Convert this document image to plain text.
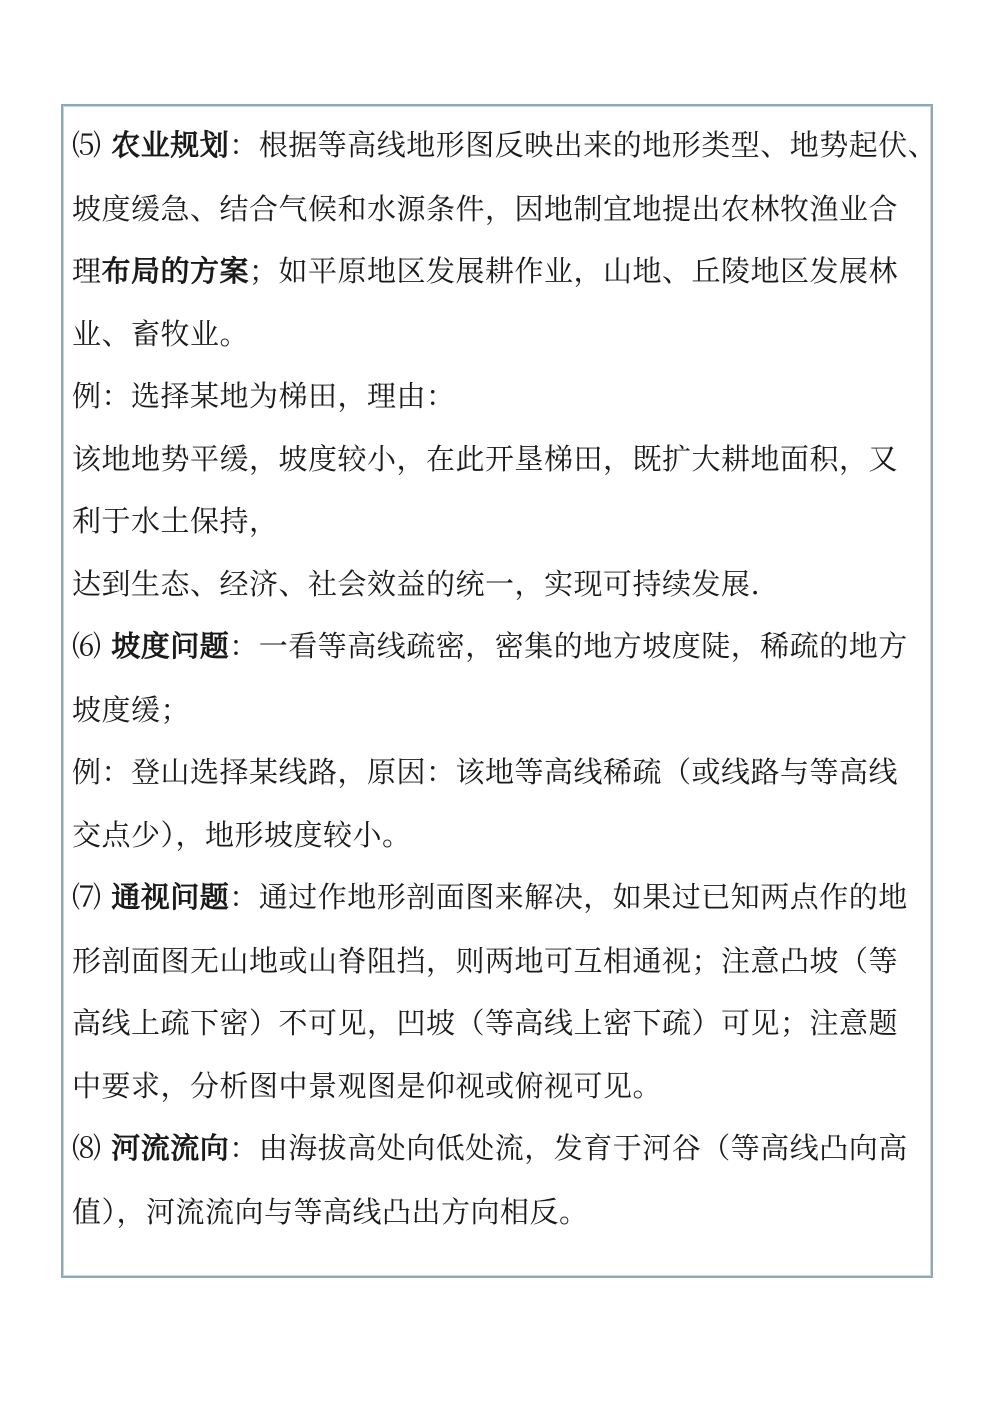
⑸ 农业规划：根据等高线地形图反映出来的地形类型、地势起伏、

坡度缓急、结合气候和水源条件，因地制宜地提出农林牧渔业合

理布局的方案；如平原地区发展耕作业，山地、丘陵地区发展林

业、畜牧业。

例：选择某地为梯田，理由：

该地地势平缓，坡度较小，在此开垦梯田，既扩大耕地面积，又

利于水土保持，

达到生态、经济、社会效益的统一，实现可持续发展.

⑹ 坡度问题：一看等高线疏密，密集的地方坡度陡，稀疏的地方

坡度缓；

例：登山选择某线路，原因：该地等高线稀疏（或线路与等高线

交点少），地形坡度较小。

⑺ 通视问题：通过作地形剖面图来解决，如果过已知两点作的地

形剖面图无山地或山脊阻挡，则两地可互相通视；注意凸坡（等

高线上疏下密）不可见，凹坡（等高线上密下疏）可见；注意题

中要求，分析图中景观图是仰视或俯视可见。

⑻ 河流流向：由海拔高处向低处流，发育于河谷（等高线凸向高

值），河流流向与等高线凸出方向相反。
